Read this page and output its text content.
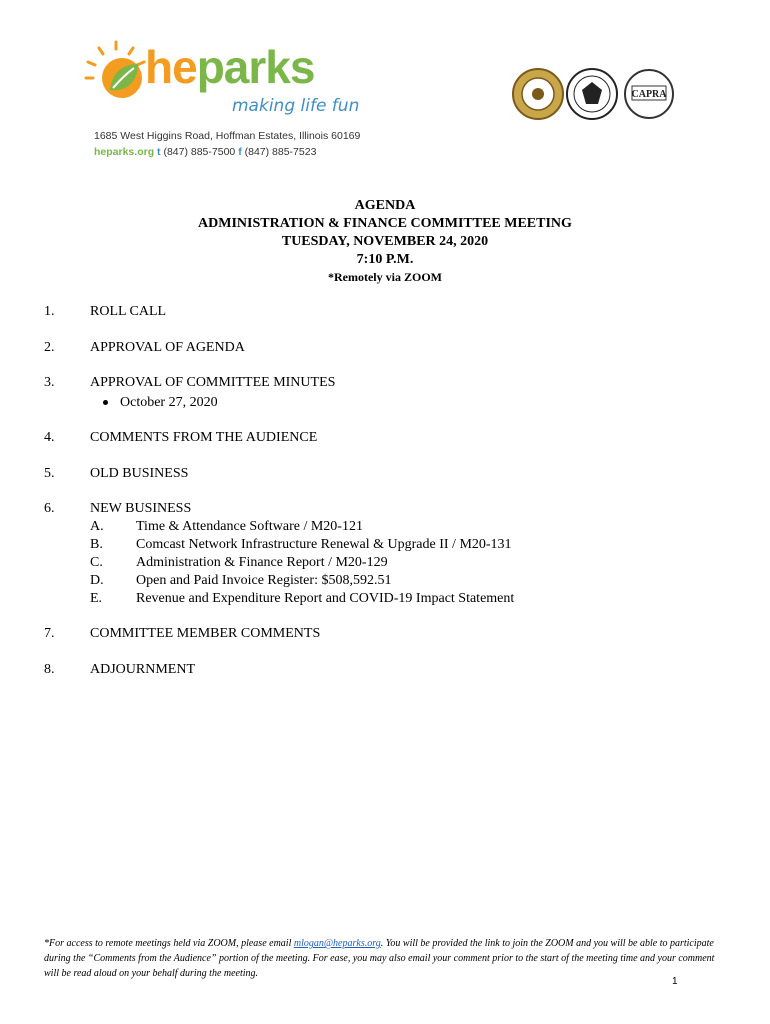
heparks
making life fun
1685 West Higgins Road, Hoffman Estates, Illinois 60169
heparks.org t (847) 885-7500 f (847) 885-7523
CAPRA
AGENDA
ADMINISTRATION & FINANCE COMMITTEE MEETING
TUESDAY, NOVEMBER 24, 2020
7:10 P.M.
*Remotely via ZOOM
1.	ROLL CALL
2.	APPROVAL OF AGENDA
3.	APPROVAL OF COMMITTEE MINUTES
October 27, 2020
4.	COMMENTS FROM THE AUDIENCE
5.	OLD BUSINESS
6.	NEW BUSINESS
A. Time & Attendance Software / M20-121
B. Comcast Network Infrastructure Renewal & Upgrade II / M20-131
C. Administration & Finance Report / M20-129
D. Open and Paid Invoice Register: $508,592.51
E. Revenue and Expenditure Report and COVID-19 Impact Statement
7.	COMMITTEE MEMBER COMMENTS
8.	ADJOURNMENT
*For access to remote meetings held via ZOOM, please email mlogan@heparks.org. You will be provided the link to join the ZOOM and you will be able to participate during the “Comments from the Audience” portion of the meeting. For ease, you may also email your comment prior to the start of the meeting time and your comment will be read aloud on your behalf during the meeting.
1
